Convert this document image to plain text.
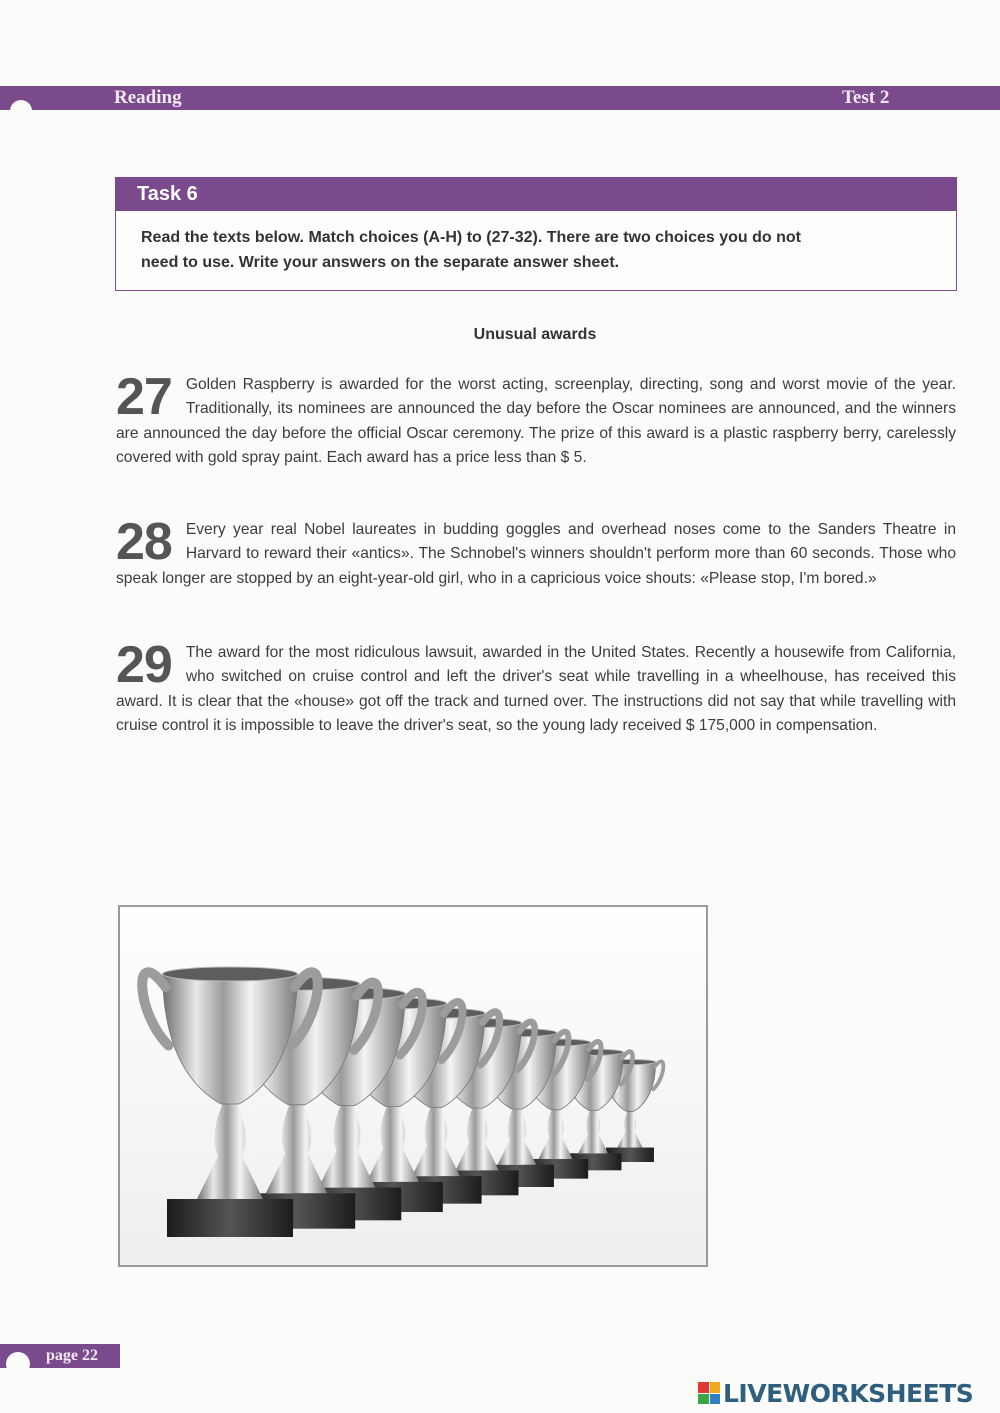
Reading	Test 2
Task 6
Read the texts below. Match choices (A-H) to (27-32). There are two choices you do not
need to use. Write your answers on the separate answer sheet.
Unusual awards
27 Golden Raspberry is awarded for the worst acting, screenplay, directing, song and worst movie of the year. Traditionally, its nominees are announced the day before the Oscar nominees are announced, and the winners are announced the day before the official Oscar ceremony. The prize of this award is a plastic raspberry berry, carelessly covered with gold spray paint. Each award has a price less than $ 5.
28 Every year real Nobel laureates in budding goggles and overhead noses come to the Sanders Theatre in Harvard to reward their «antics». The Schnobel's winners shouldn't perform more than 60 seconds. Those who speak longer are stopped by an eight-year-old girl, who in a capricious voice shouts: «Please stop, I'm bored.»
29 The award for the most ridiculous lawsuit, awarded in the United States. Recently a housewife from California, who switched on cruise control and left the driver's seat while travelling in a wheelhouse, has received this award. It is clear that the «house» got off the track and turned over. The instructions did not say that while travelling with cruise control it is impossible to leave the driver's seat, so the young lady received $ 175,000 in compensation.
page 22
LIVEWORKSHEETS
